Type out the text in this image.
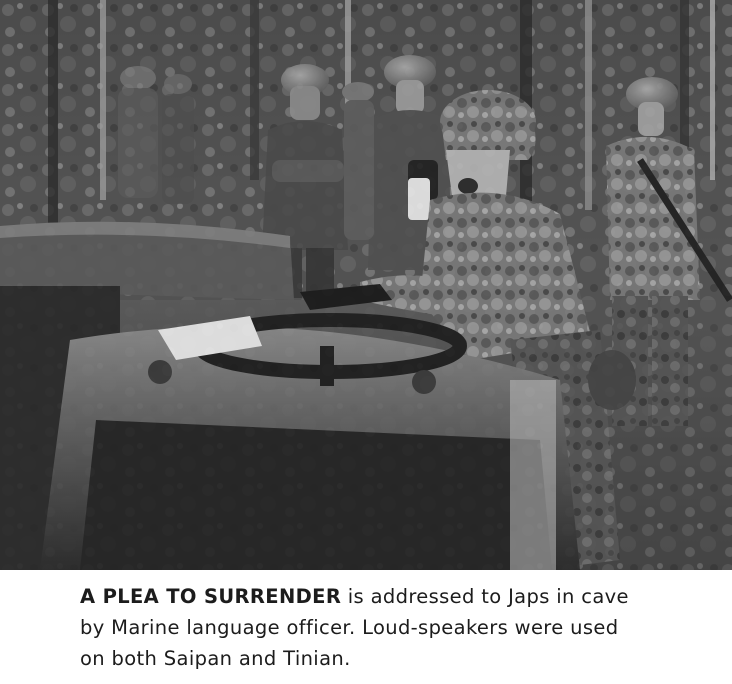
A PLEA TO SURRENDER is addressed to Japs in cave
by Marine language officer. Loud-speakers were used
on both Saipan and Tinian.
